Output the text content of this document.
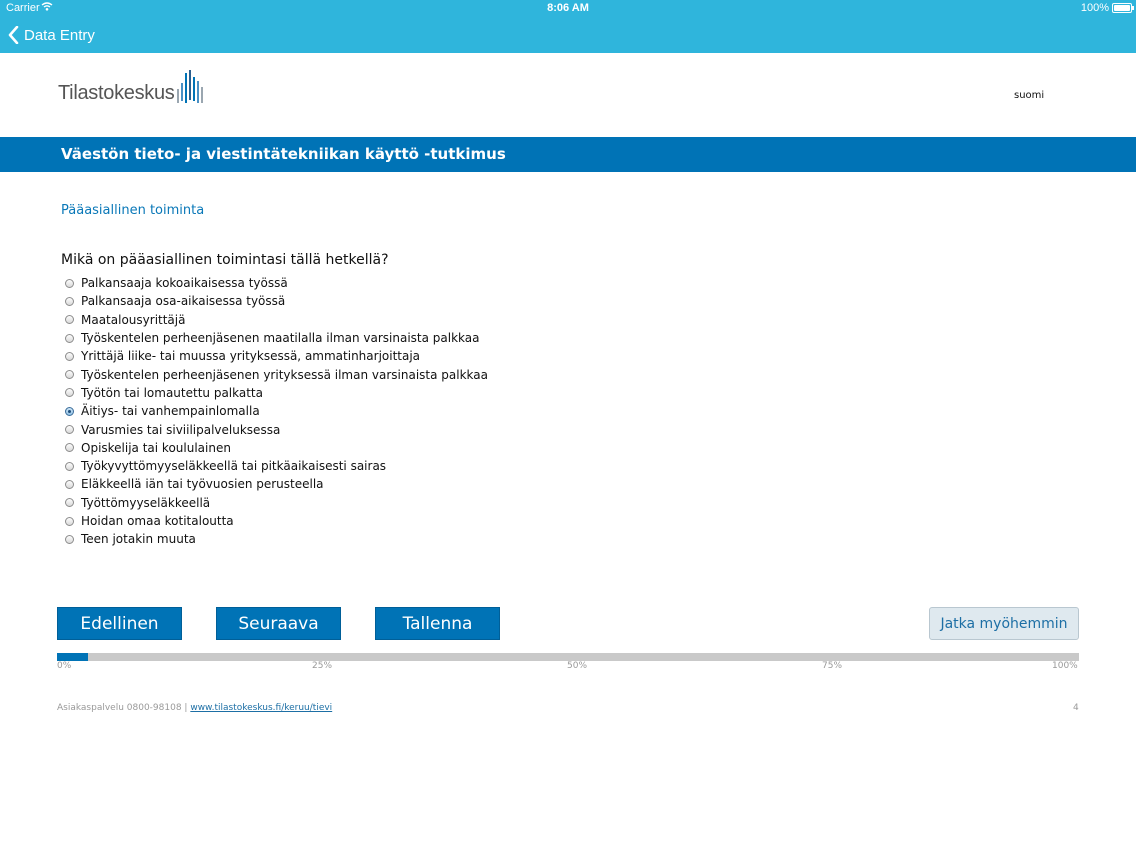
Carrier	8:06 AM	100%
Data Entry
Tilastokeskus	suomi
Väestön tieto- ja viestintätekniikan käyttö -tutkimus
Pääasiallinen toiminta
Mikä on pääasiallinen toimintasi tällä hetkellä?
Palkansaaja kokoaikaisessa työssä
Palkansaaja osa-aikaisessa työssä
Maatalousyrittäjä
Työskentelen perheenjäsenen maatilalla ilman varsinaista palkkaa
Yrittäjä liike- tai muussa yrityksessä, ammatinharjoittaja
Työskentelen perheenjäsenen yrityksessä ilman varsinaista palkkaa
Työtön tai lomautettu palkatta
Äitiys- tai vanhempainlomalla
Varusmies tai siviilipalveluksessa
Opiskelija tai koululainen
Työkyvyttömyyseläkkeellä tai pitkäaikaisesti sairas
Eläkkeellä iän tai työvuosien perusteella
Työttömyyseläkkeellä
Hoidan omaa kotitaloutta
Teen jotakin muuta
Edellinen	Seuraava	Tallenna	Jatka myöhemmin
0%	25%	50%	75%	100%
Asiakaspalvelu 0800-98108 | www.tilastokeskus.fi/keruu/tievi	4
